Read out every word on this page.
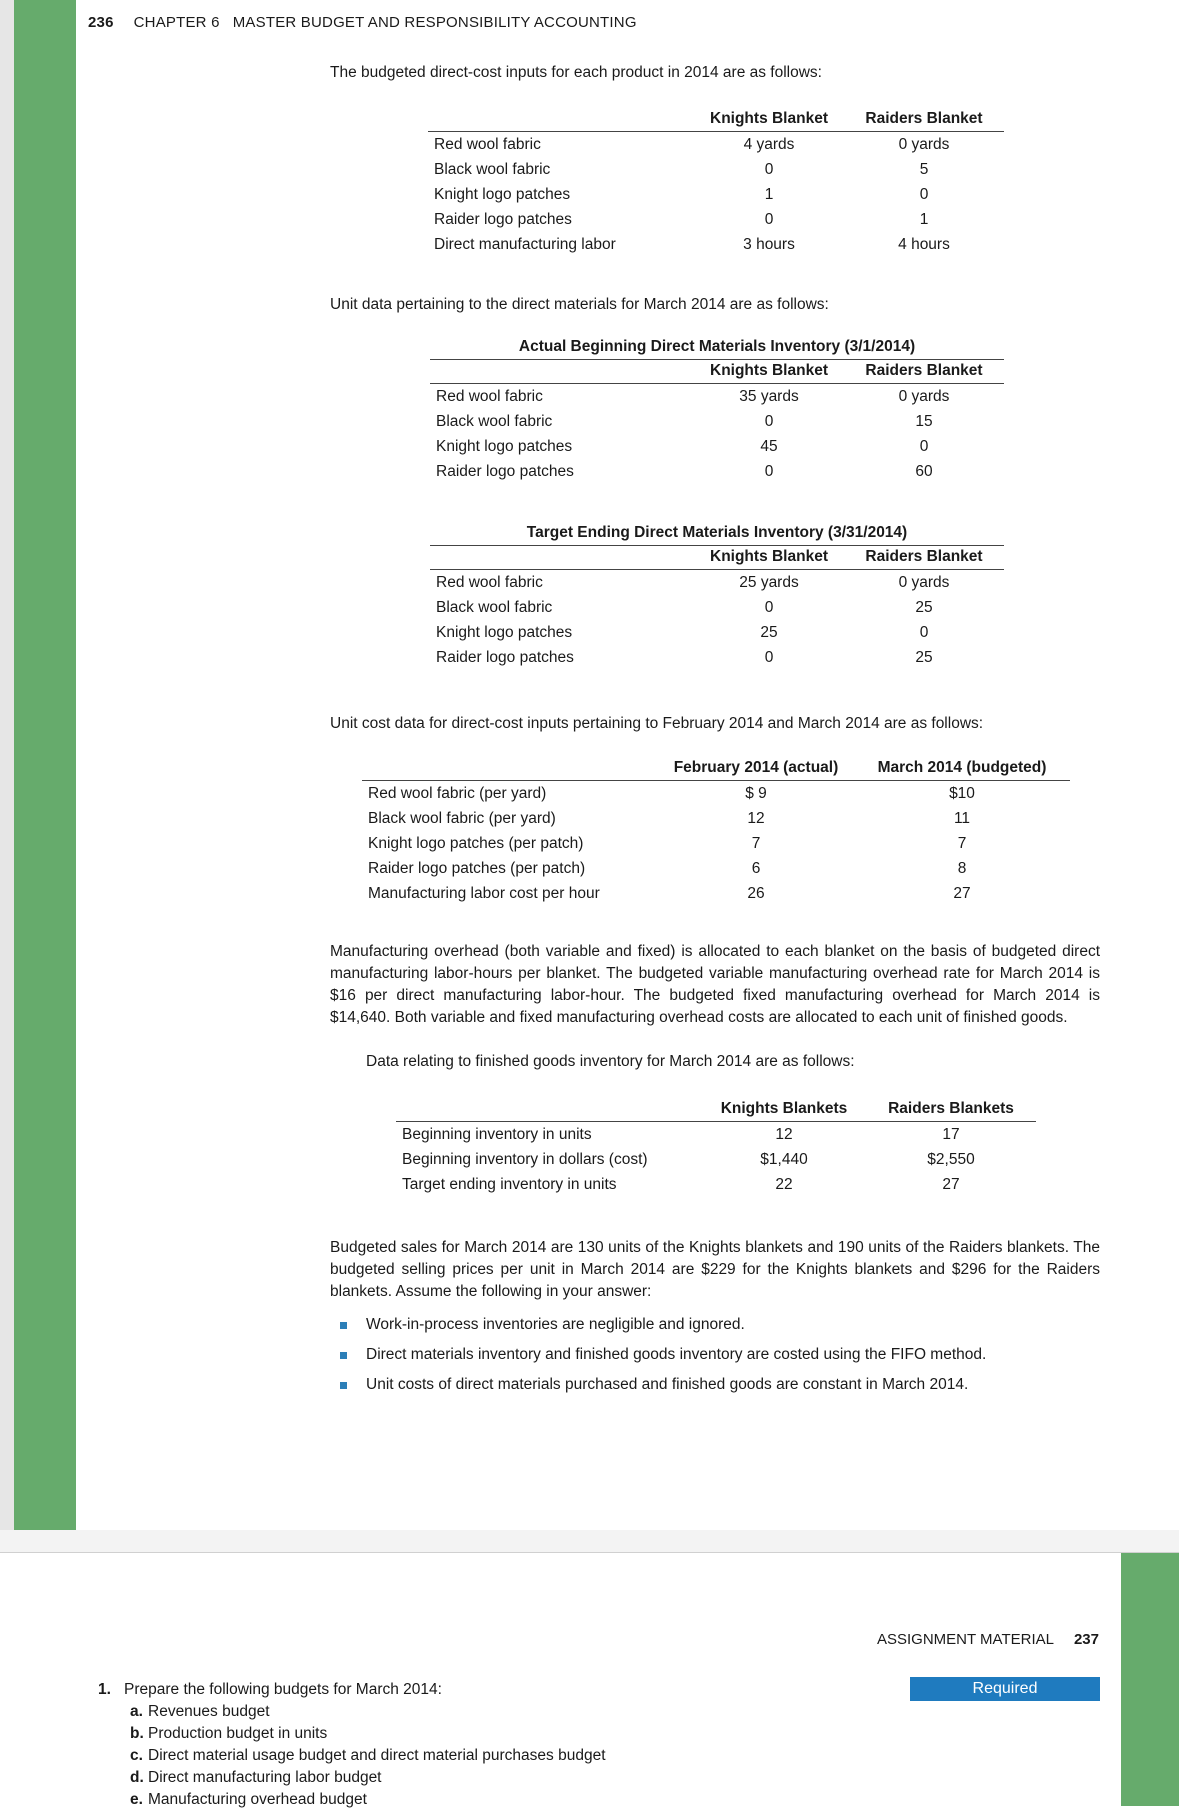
236 CHAPTER 6   MASTER BUDGET AND RESPONSIBILITY ACCOUNTING
The budgeted direct-cost inputs for each product in 2014 are as follows:
	Knights Blanket	Raiders Blanket
Red wool fabric	4 yards	0 yards
Black wool fabric	0	5
Knight logo patches	1	0
Raider logo patches	0	1
Direct manufacturing labor	3 hours	4 hours
Unit data pertaining to the direct materials for March 2014 are as follows:
Actual Beginning Direct Materials Inventory (3/1/2014)
	Knights Blanket	Raiders Blanket
Red wool fabric	35 yards	0 yards
Black wool fabric	0	15
Knight logo patches	45	0
Raider logo patches	0	60
Target Ending Direct Materials Inventory (3/31/2014)
	Knights Blanket	Raiders Blanket
Red wool fabric	25 yards	0 yards
Black wool fabric	0	25
Knight logo patches	25	0
Raider logo patches	0	25
Unit cost data for direct-cost inputs pertaining to February 2014 and March 2014 are as follows:
	February 2014 (actual)	March 2014 (budgeted)
Red wool fabric (per yard)	$ 9	$10
Black wool fabric (per yard)	12	11
Knight logo patches (per patch)	7	7
Raider logo patches (per patch)	6	8
Manufacturing labor cost per hour	26	27
Manufacturing overhead (both variable and fixed) is allocated to each blanket on the basis of budgeted direct manufacturing labor-hours per blanket. The budgeted variable manufacturing overhead rate for March 2014 is $16 per direct manufacturing labor-hour. The budgeted fixed manufacturing overhead for March 2014 is $14,640. Both variable and fixed manufacturing overhead costs are allocated to each unit of finished goods.
Data relating to finished goods inventory for March 2014 are as follows:
	Knights Blankets	Raiders Blankets
Beginning inventory in units	12	17
Beginning inventory in dollars (cost)	$1,440	$2,550
Target ending inventory in units	22	27
Budgeted sales for March 2014 are 130 units of the Knights blankets and 190 units of the Raiders blankets. The budgeted selling prices per unit in March 2014 are $229 for the Knights blankets and $296 for the Raiders blankets. Assume the following in your answer:
Work-in-process inventories are negligible and ignored.
Direct materials inventory and finished goods inventory are costed using the FIFO method.
Unit costs of direct materials purchased and finished goods are constant in March 2014.
ASSIGNMENT MATERIAL 237
Required
1. Prepare the following budgets for March 2014:
a. Revenues budget
b. Production budget in units
c. Direct material usage budget and direct material purchases budget
d. Direct manufacturing labor budget
e. Manufacturing overhead budget
